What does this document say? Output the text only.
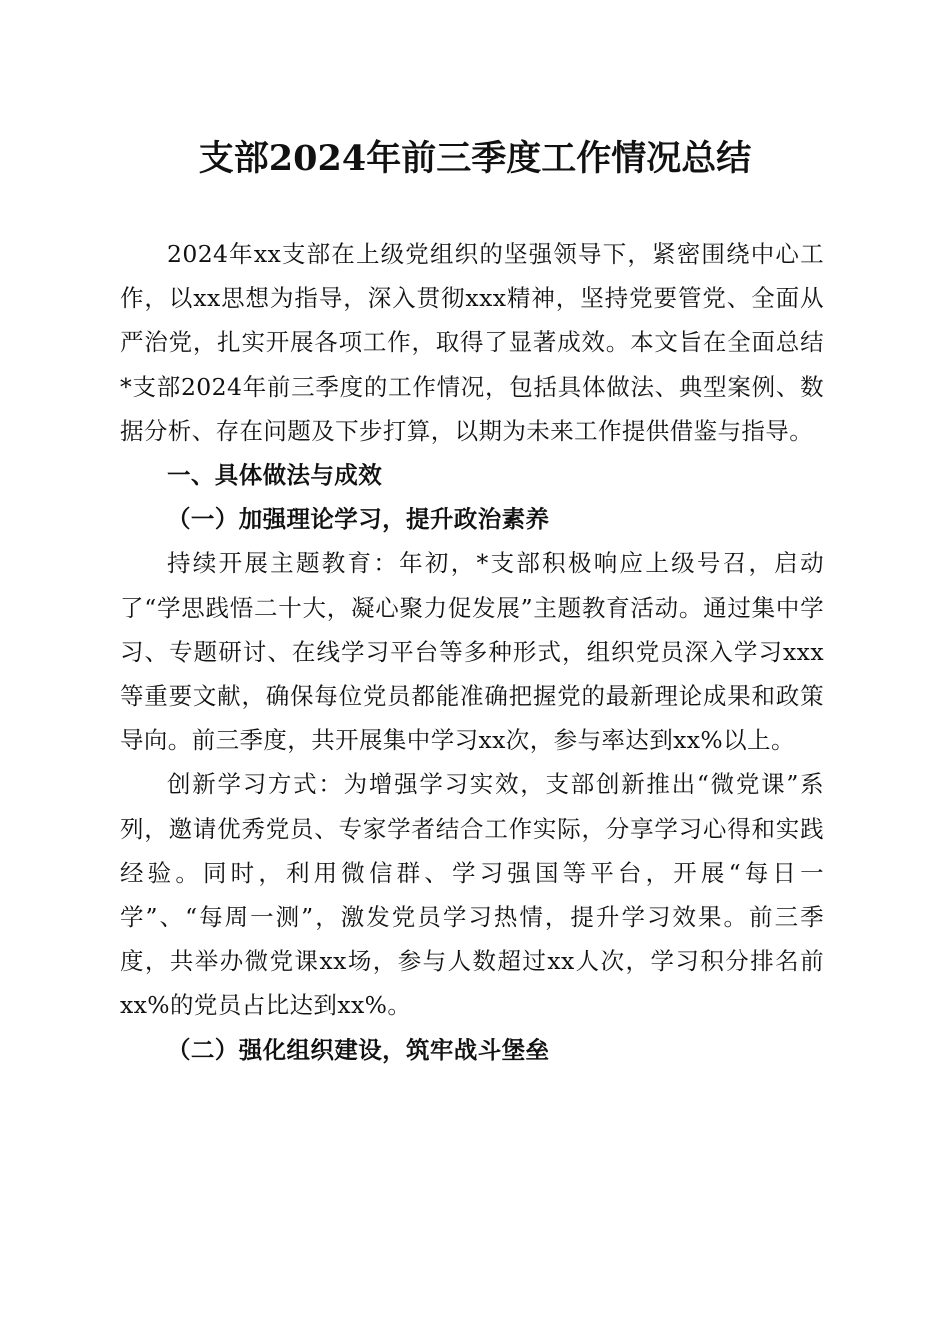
支部2024年前三季度工作情况总结

2024年xx支部在上级党组织的坚强领导下，紧密围绕中心工作，以xx思想为指导，深入贯彻xxx精神，坚持党要管党、全面从严治党，扎实开展各项工作，取得了显著成效。本文旨在全面总结*支部2024年前三季度的工作情况，包括具体做法、典型案例、数据分析、存在问题及下步打算，以期为未来工作提供借鉴与指导。

一、具体做法与成效

（一）加强理论学习，提升政治素养

持续开展主题教育：年初，*支部积极响应上级号召，启动了“学思践悟二十大，凝心聚力促发展”主题教育活动。通过集中学习、专题研讨、在线学习平台等多种形式，组织党员深入学习xxx等重要文献，确保每位党员都能准确把握党的最新理论成果和政策导向。前三季度，共开展集中学习xx次，参与率达到xx%以上。

创新学习方式：为增强学习实效，支部创新推出“微党课”系列，邀请优秀党员、专家学者结合工作实际，分享学习心得和实践经验。同时，利用微信群、学习强国等平台，开展“每日一学”、“每周一测”，激发党员学习热情，提升学习效果。前三季度，共举办微党课xx场，参与人数超过xx人次，学习积分排名前xx%的党员占比达到xx%。

（二）强化组织建设，筑牢战斗堡垒
